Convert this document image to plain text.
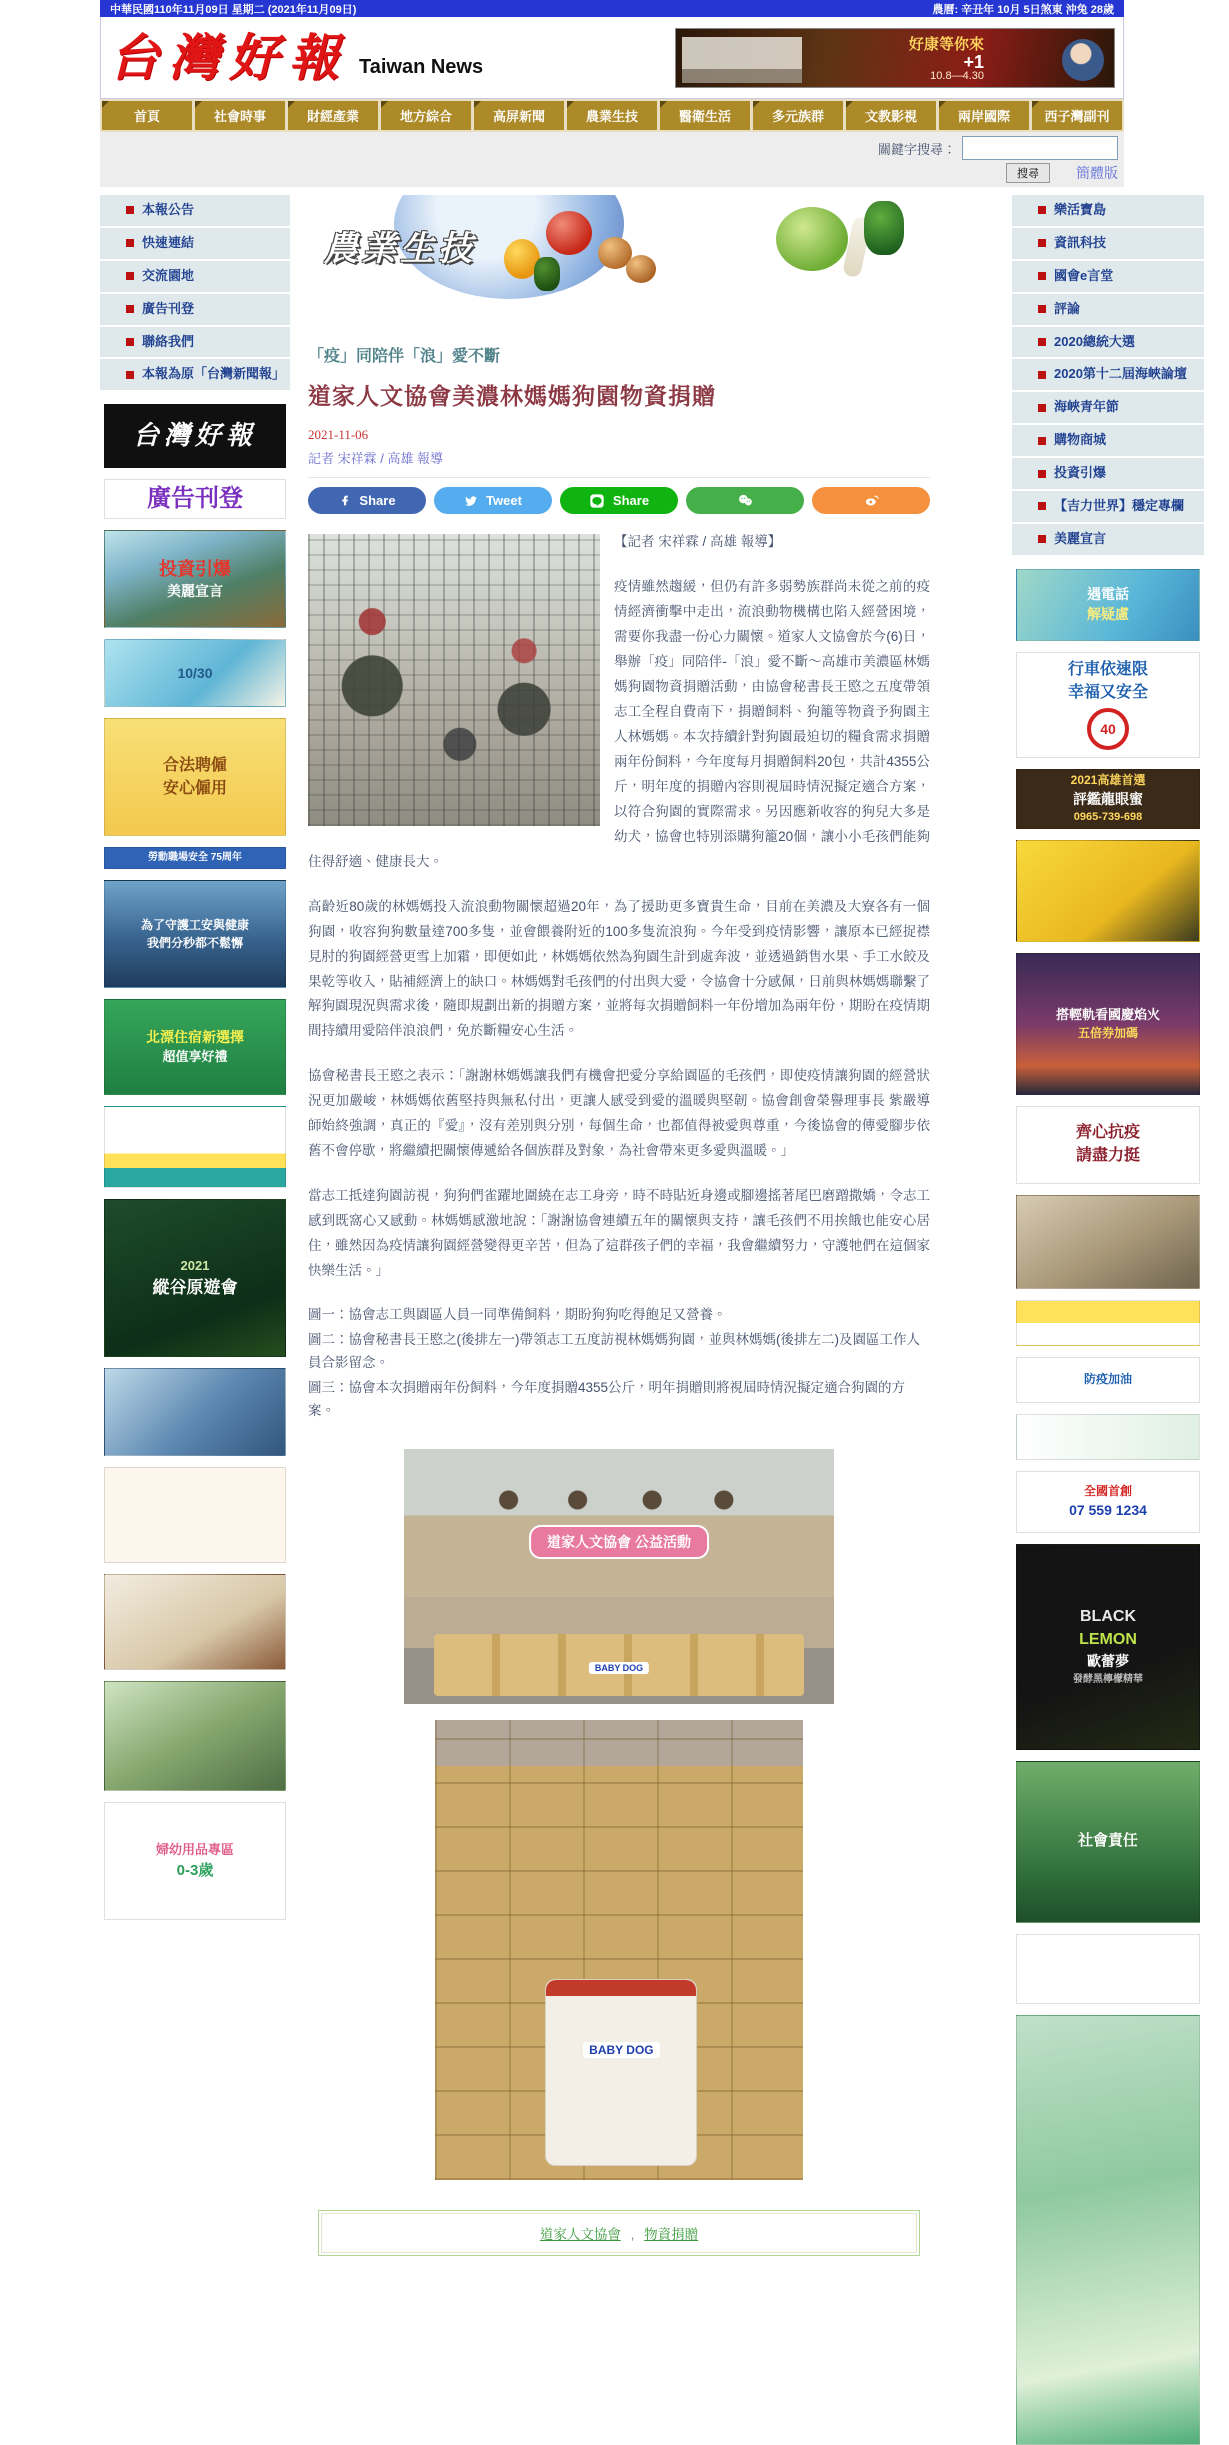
中華民國110年11月09日 星期二 (2021年11月09日)	農曆: 辛丑年 10月 5日煞東 沖兔 28歲
台灣好報 Taiwan News
好康等你來
+1
10.8—4.30
首頁	社會時事	財經產業	地方綜合	高屏新聞	農業生技	醫衛生活	多元族群	文教影視	兩岸國際	西子灣副刊
關鍵字搜尋：
搜尋	簡體版
本報公告
快速連結
交流園地
廣告刊登
聯絡我們
本報為原「台灣新聞報」
台灣好報
廣告刊登
投資引爆
美麗宣言
10/30
合法聘僱
安心僱用
勞動職場安全 75周年
為了守護工安與健康
我們分秒都不鬆懈
北漂住宿新選擇
超值享好禮
2021
縱谷原遊會
婦幼用品專區
0-3歲
農業生技
「疫」同陪伴「浪」愛不斷
道家人文協會美濃林媽媽狗園物資捐贈
2021-11-06
記者 宋祥霖 / 高雄 報導
Share	Tweet	Share

【記者 宋祥霖 / 高雄 報導】

疫情雖然趨緩，但仍有許多弱勢族群尚未從之前的疫情經濟衝擊中走出，流浪動物機構也陷入經營困境，需要你我盡一份心力關懷。道家人文協會於今(6)日，舉辦「疫」同陪伴-「浪」愛不斷～高雄市美濃區林媽媽狗園物資捐贈活動，由協會秘書長王愍之五度帶領志工全程自費南下，捐贈飼料、狗籠等物資予狗園主人林媽媽。本次持續針對狗園最迫切的糧食需求捐贈兩年份飼料，今年度每月捐贈飼料20包，共計4355公斤，明年度的捐贈內容則視屆時情況擬定適合方案，以符合狗園的實際需求。另因應新收容的狗兒大多是幼犬，協會也特別添購狗籠20個，讓小小毛孩們能夠住得舒適、健康長大。

高齡近80歲的林媽媽投入流浪動物關懷超過20年，為了援助更多寶貴生命，目前在美濃及大寮各有一個狗園，收容狗狗數量達700多隻，並會餵養附近的100多隻流浪狗。今年受到疫情影響，讓原本已經捉襟見肘的狗園經營更雪上加霜，即便如此，林媽媽依然為狗園生計到處奔波，並透過銷售水果、手工水餃及果乾等收入，貼補經濟上的缺口。林媽媽對毛孩們的付出與大愛，令協會十分感佩，日前與林媽媽聯繫了解狗園現況與需求後，隨即規劃出新的捐贈方案，並將每次捐贈飼料一年份增加為兩年份，期盼在疫情期間持續用愛陪伴浪浪們，免於斷糧安心生活。

協會秘書長王愍之表示：「謝謝林媽媽讓我們有機會把愛分享給園區的毛孩們，即使疫情讓狗園的經營狀況更加嚴峻，林媽媽依舊堅持與無私付出，更讓人感受到愛的溫暖與堅韌。協會創會榮譽理事長 紫嚴導師始終強調，真正的『愛』，沒有差別與分別，每個生命，也都值得被愛與尊重，今後協會的傳愛腳步依舊不會停歇，將繼續把關懷傳遞給各個族群及對象，為社會帶來更多愛與溫暖。」

當志工抵達狗園訪視，狗狗們雀躍地圍繞在志工身旁，時不時貼近身邊或腳邊搖著尾巴磨蹭撒嬌，令志工感到既窩心又感動。林媽媽感激地說：「謝謝協會連續五年的關懷與支持，讓毛孩們不用挨餓也能安心居住，雖然因為疫情讓狗園經營變得更辛苦，但為了這群孩子們的幸福，我會繼續努力，守護牠們在這個家快樂生活。」

圖一：協會志工與園區人員一同準備飼料，期盼狗狗吃得飽足又營養。

圖二：協會秘書長王愍之(後排左一)帶領志工五度訪視林媽媽狗園，並與林媽媽(後排左二)及園區工作人員合影留念。

圖三：協會本次捐贈兩年份飼料，今年度捐贈4355公斤，明年捐贈則將視屆時情況擬定適合狗園的方案。

道家人文協會 公益活動
BABY DOG
BABY DOG
道家人文協會 , 物資捐贈
樂活寶島
資訊科技
國會e言堂
評論
2020總統大選
2020第十二屆海峽論壇
海峽青年節
購物商城
投資引爆
【吉力世界】穩定專欄
美麗宣言
遇電話
解疑慮
行車依速限
幸福又安全
40
2021高雄首選
評鑑龍眼蜜
0965-739-698
搭輕軌看國慶焰火
五倍券加碼
齊心抗疫
請盡力挺
防疫加油
全國首創
07 559 1234
BLACK
LEMON
歐蕾夢
發酵黑檸檬精華
社會責任
